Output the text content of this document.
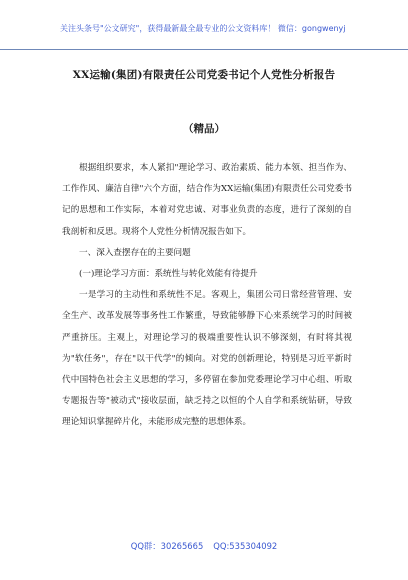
关注头条号"公文研究"，获得最新最全最专业的公文资料库！ 微信：gongwenyj
XX运输(集团)有限责任公司党委书记个人党性分析报告
（精品）

根据组织要求，本人紧扣"理论学习、政治素质、能力本领、担当作为、工作作风、廉洁自律"六个方面，结合作为XX运输(集团)有限责任公司党委书记的思想和工作实际，本着对党忠诚、对事业负责的态度，进行了深刻的自我剖析和反思。现将个人党性分析情况报告如下。

一、深入查摆存在的主要问题

(一)理论学习方面：系统性与转化效能有待提升

一是学习的主动性和系统性不足。客观上，集团公司日常经营管理、安全生产、改革发展等事务性工作繁重，导致能够静下心来系统学习的时间被严重挤压。主观上，对理论学习的极端重要性认识不够深刻，有时将其视为"软任务"，存在"以干代学"的倾向。对党的创新理论，特别是习近平新时代中国特色社会主义思想的学习，多停留在参加党委理论学习中心组、听取专题报告等"被动式"接收层面，缺乏持之以恒的个人自学和系统钻研，导致理论知识掌握碎片化，未能形成完整的思想体系。

QQ群：30265665 QQ:535304092
